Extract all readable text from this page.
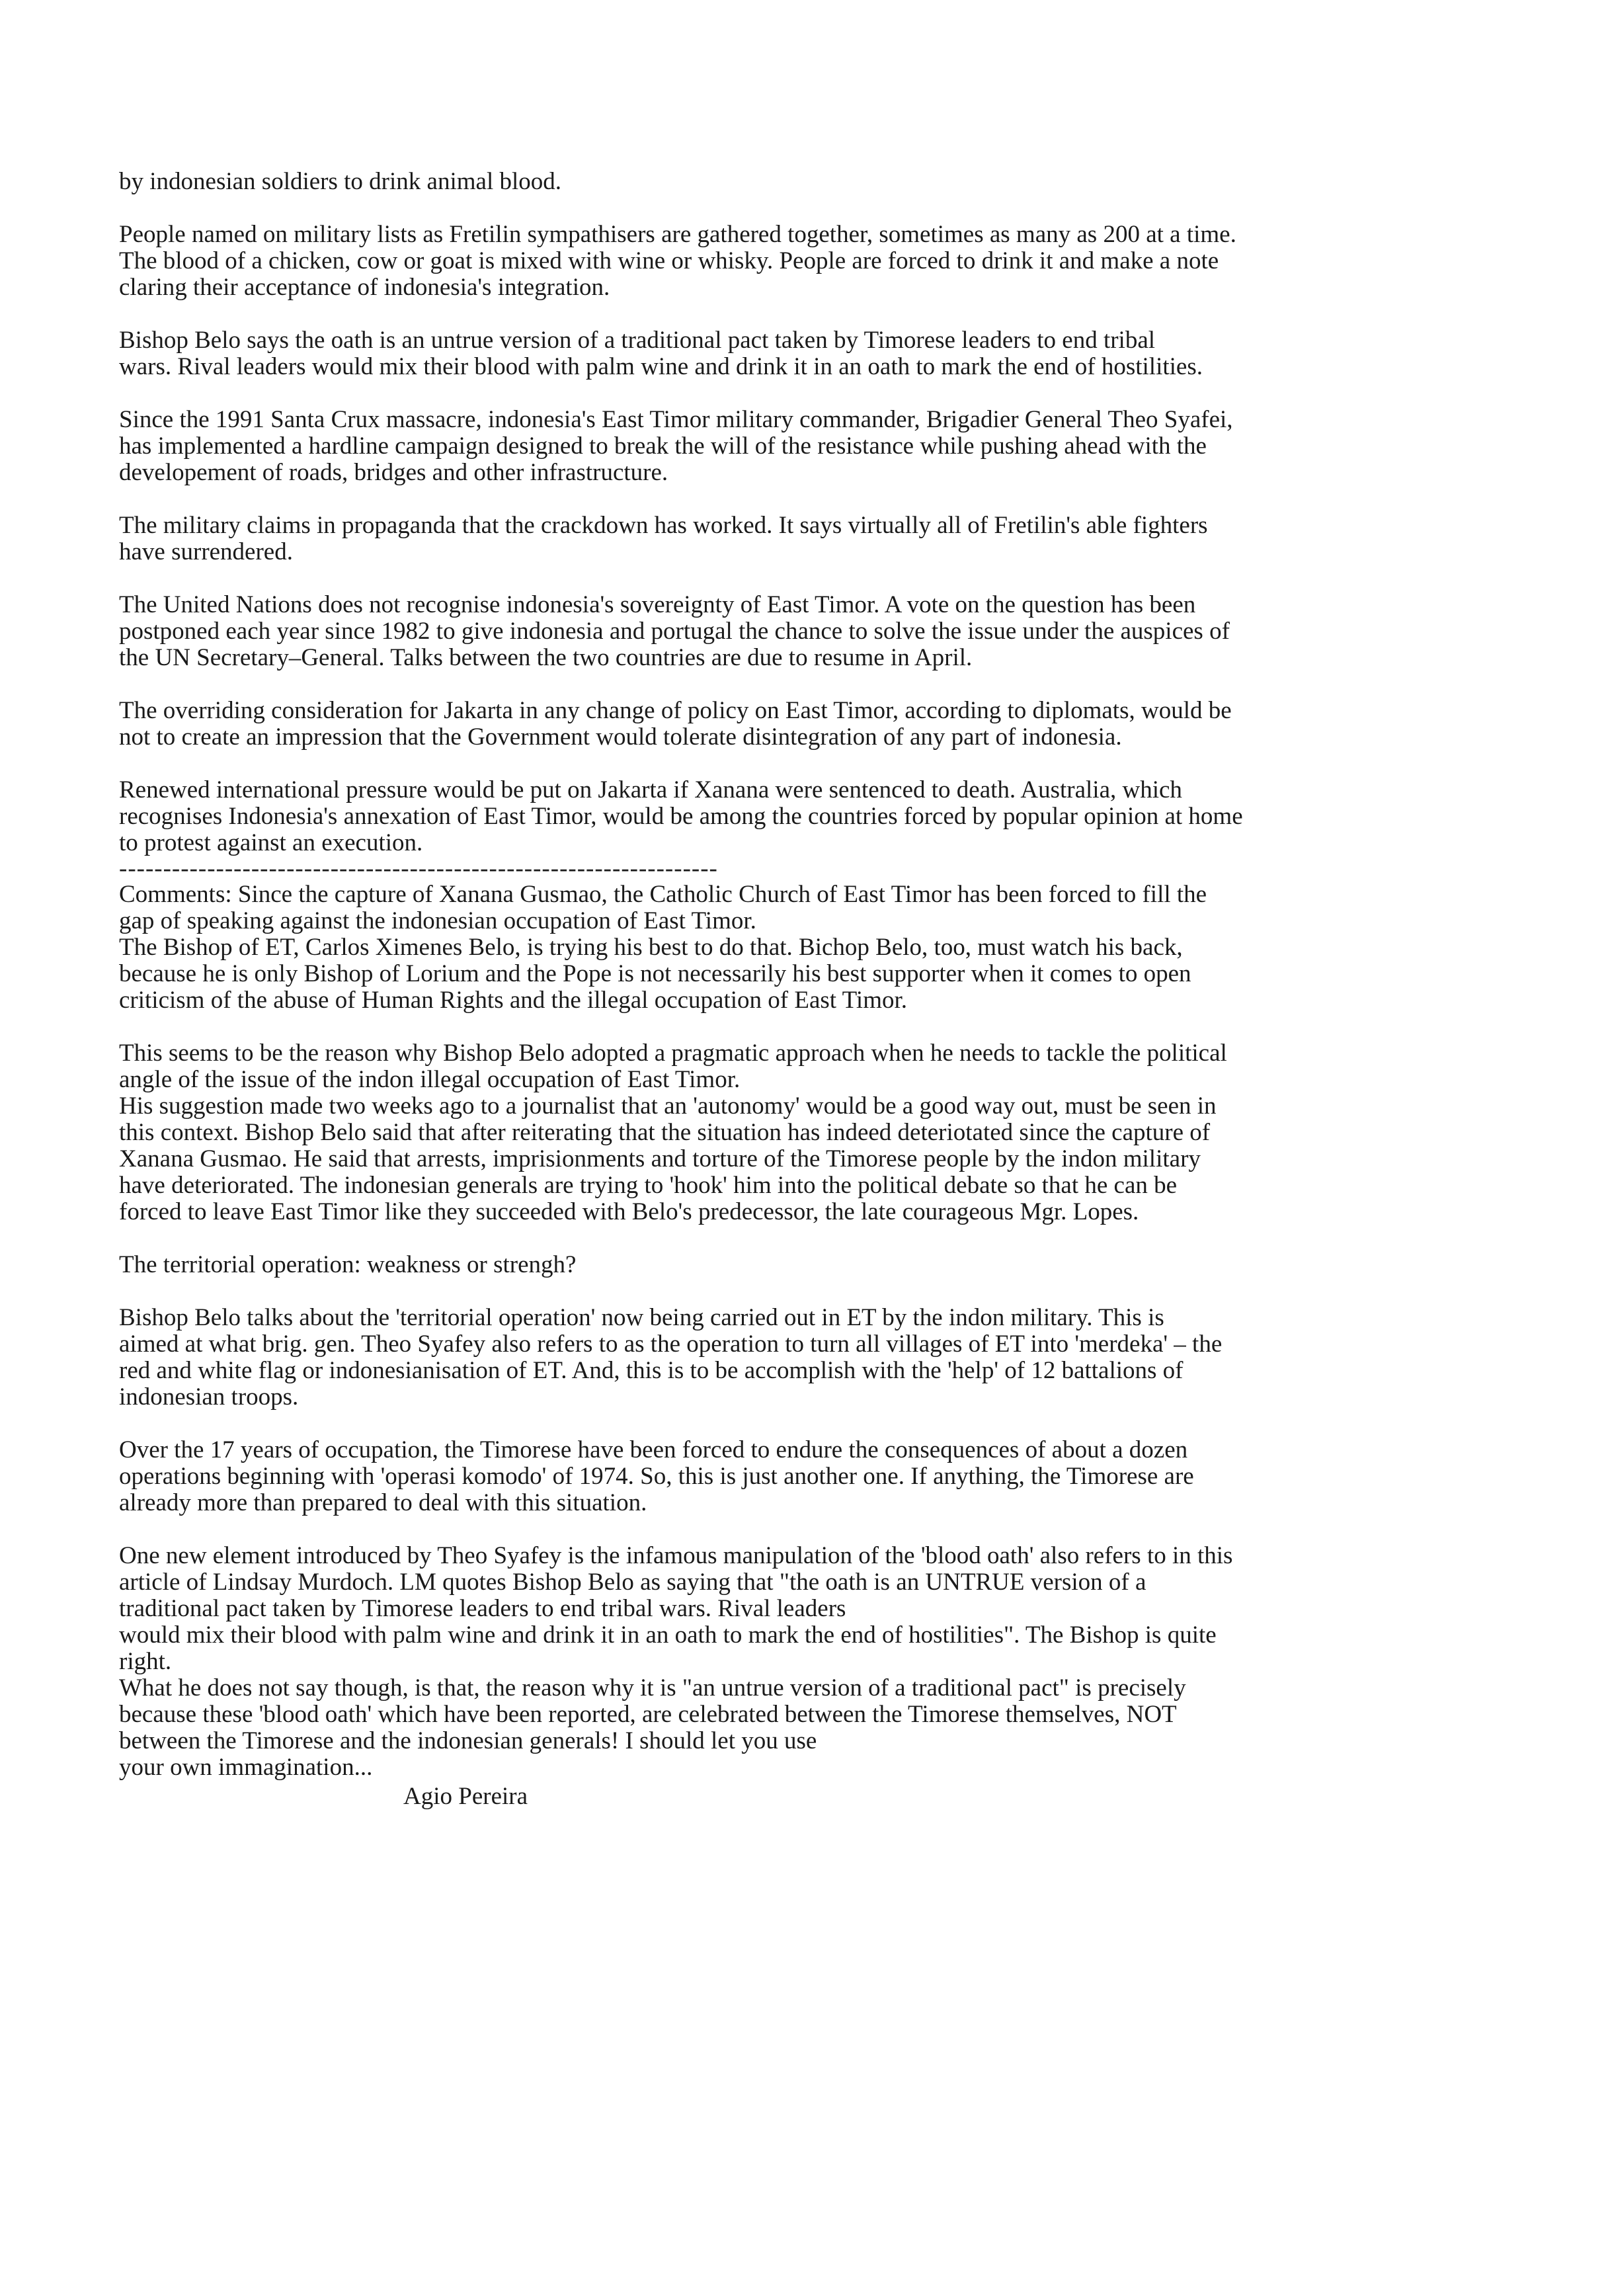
by indonesian soldiers to drink animal blood.

People named on military lists as Fretilin sympathisers are gathered together, sometimes as many as 200 at a time.
The blood of a chicken, cow or goat is mixed with wine or whisky. People are forced to drink it and make a note
claring their acceptance of indonesia's integration.

Bishop Belo says the oath is an untrue version of a traditional pact taken by Timorese leaders to end tribal
wars. Rival leaders would mix their blood with palm wine and drink it in an oath to mark the end of hostilities.

Since the 1991 Santa Crux massacre, indonesia's East Timor military commander, Brigadier General Theo Syafei,
has implemented a hardline campaign designed to break the will of the resistance while pushing ahead with the
developement of roads, bridges and other infrastructure.

The military claims in propaganda that the crackdown has worked. It says virtually all of Fretilin's able fighters
have surrendered.

The United Nations does not recognise indonesia's sovereignty of East Timor. A vote on the question has been
postponed each year since 1982 to give indonesia and portugal the chance to solve the issue under the auspices of
the UN Secretary–General. Talks between the two countries are due to resume in April.

The overriding consideration for Jakarta in any change of policy on East Timor, according to diplomats, would be
not to create an impression that the Government would tolerate disintegration of any part of indonesia.

Renewed international pressure would be put on Jakarta if Xanana were sentenced to death. Australia, which
recognises Indonesia's annexation of East Timor, would be among the countries forced by popular opinion at home
to protest against an execution.

--------------------------------------------------------------------

Comments: Since the capture of Xanana Gusmao, the Catholic Church of East Timor has been forced to fill the
gap of speaking against the indonesian occupation of East Timor.
The Bishop of ET, Carlos Ximenes Belo, is trying his best to do that. Bichop Belo, too, must watch his back,
because he is only Bishop of Lorium and the Pope is not necessarily his best supporter when it comes to open
criticism of the abuse of Human Rights and the illegal occupation of East Timor.

This seems to be the reason why Bishop Belo adopted a pragmatic approach when he needs to tackle the political
angle of the issue of the indon illegal occupation of East Timor.
His suggestion made two weeks ago to a journalist that an 'autonomy' would be a good way out, must be seen in
this context. Bishop Belo said that after reiterating that the situation has indeed deteriotated since the capture of
Xanana Gusmao. He said that arrests, imprisionments and torture of the Timorese people by the indon military
have deteriorated. The indonesian generals are trying to 'hook' him into the political debate so that he can be
forced to leave East Timor like they succeeded with Belo's predecessor, the late courageous Mgr. Lopes.

The territorial operation: weakness or strengh?

Bishop Belo talks about the 'territorial operation' now being carried out in ET by the indon military. This is
aimed at what brig. gen. Theo Syafey also refers to as the operation to turn all villages of ET into 'merdeka' – the
red and white flag or indonesianisation of ET. And, this is to be accomplish with the 'help' of 12 battalions of
indonesian troops.

Over the 17 years of occupation, the Timorese have been forced to endure the consequences of about a dozen
operations beginning with 'operasi komodo' of 1974. So, this is just another one. If anything, the Timorese are
already more than prepared to deal with this situation.

One new element introduced by Theo Syafey is the infamous manipulation of the 'blood oath' also refers to in this
article of Lindsay Murdoch. LM quotes Bishop Belo as saying that "the oath is an UNTRUE version of a
traditional pact taken by Timorese leaders to end tribal wars. Rival leaders
would mix their blood with palm wine and drink it in an oath to mark the end of hostilities". The Bishop is quite
right.
What he does not say though, is that, the reason why it is "an untrue version of a traditional pact" is precisely
because these 'blood oath' which have been reported, are celebrated between the Timorese themselves, NOT
between the Timorese and the indonesian generals! I should let you use
your own immagination...

Agio Pereira
